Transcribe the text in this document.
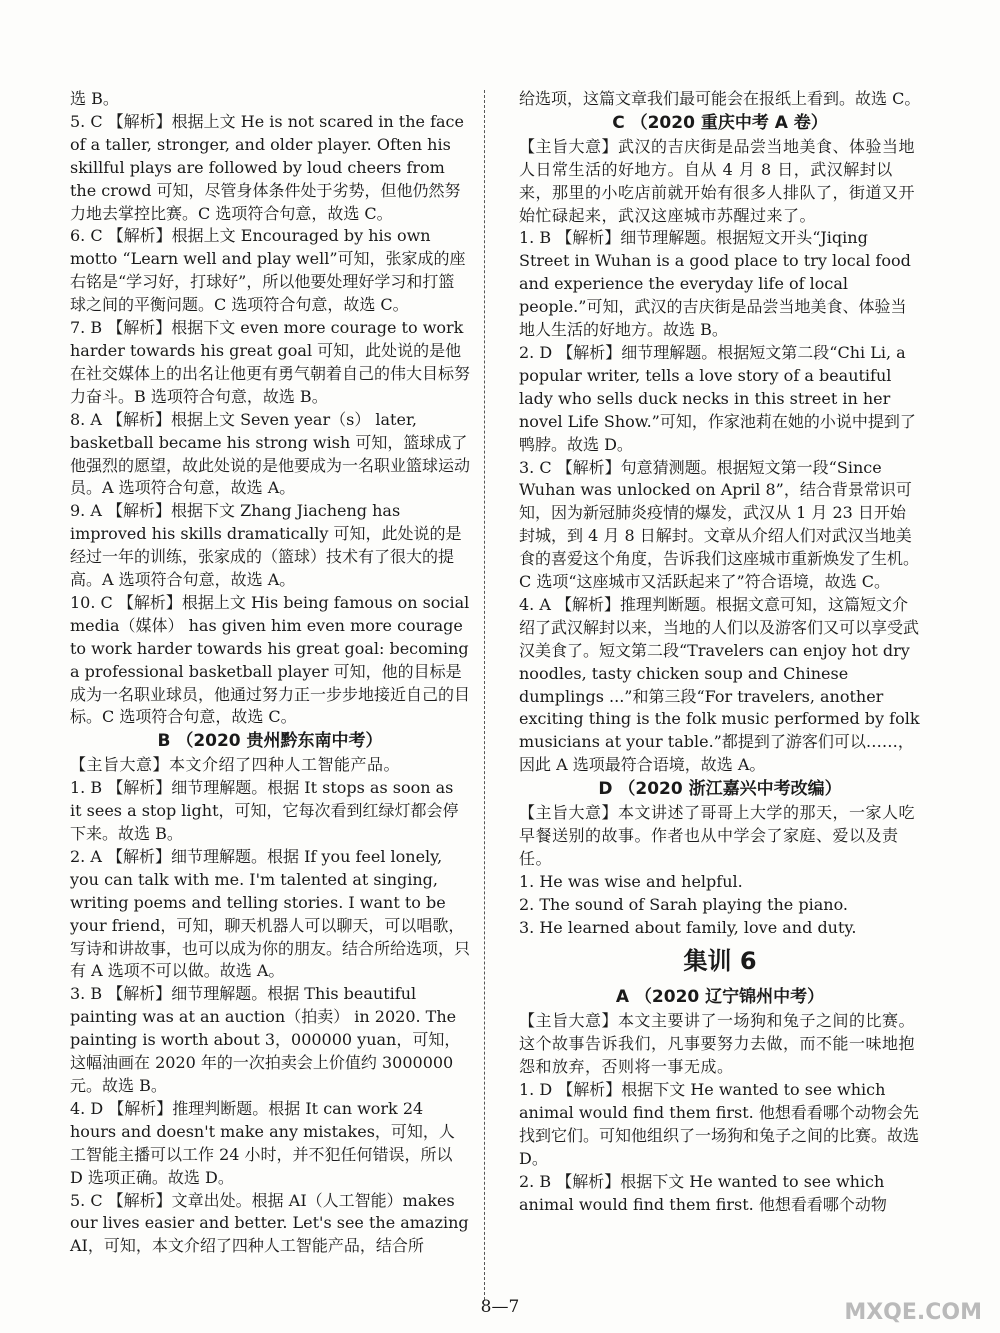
选 B。
5. C 【解析】根据上文 He is not scared in the face of a taller, stronger, and older player. Often his skillful plays are followed by loud cheers from the crowd 可知，尽管身体条件处于劣势，但他仍然努力地去掌控比赛。C 选项符合句意，故选 C。
6. C 【解析】根据上文 Encouraged by his own motto “Learn well and play well”可知，张家成的座右铭是“学习好，打球好”，所以他要处理好学习和打篮球之间的平衡问题。C 选项符合句意，故选 C。
7. B 【解析】根据下文 even more courage to work harder towards his great goal 可知，此处说的是他在社交媒体上的出名让他更有勇气朝着自己的伟大目标努力奋斗。B 选项符合句意，故选 B。
8. A 【解析】根据上文 Seven year（s） later, basketball became his strong wish 可知，篮球成了他强烈的愿望，故此处说的是他要成为一名职业篮球运动员。A 选项符合句意，故选 A。
9. A 【解析】根据下文 Zhang Jiacheng has improved his skills dramatically 可知，此处说的是经过一年的训练，张家成的（篮球）技术有了很大的提高。A 选项符合句意，故选 A。
10. C 【解析】根据上文 His being famous on social media（媒体） has given him even more courage to work harder towards his great goal: becoming a professional basketball player 可知，他的目标是成为一名职业球员，他通过努力正一步步地接近自己的目标。C 选项符合句意，故选 C。
B （2020 贵州黔东南中考）
【主旨大意】本文介绍了四种人工智能产品。
1. B 【解析】细节理解题。根据 It stops as soon as it sees a stop light，可知，它每次看到红绿灯都会停下来。故选 B。
2. A 【解析】细节理解题。根据 If you feel lonely, you can talk with me. I'm talented at singing, writing poems and telling stories. I want to be your friend，可知，聊天机器人可以聊天，可以唱歌，写诗和讲故事，也可以成为你的朋友。结合所给选项，只有 A 选项不可以做。故选 A。
3. B 【解析】细节理解题。根据 This beautiful painting was at an auction（拍卖） in 2020. The painting is worth about 3，000000 yuan，可知，这幅油画在 2020 年的一次拍卖会上价值约 3000000 元。故选 B。
4. D 【解析】推理判断题。根据 It can work 24 hours and doesn't make any mistakes，可知，人工智能主播可以工作 24 小时，并不犯任何错误，所以 D 选项正确。故选 D。
5. C 【解析】文章出处。根据 AI（人工智能）makes our lives easier and better. Let's see the amazing AI，可知，本文介绍了四种人工智能产品，结合所
给选项，这篇文章我们最可能会在报纸上看到。故选 C。
C （2020 重庆中考 A 卷）
【主旨大意】武汉的吉庆街是品尝当地美食、体验当地人日常生活的好地方。自从 4 月 8 日，武汉解封以来，那里的小吃店前就开始有很多人排队了，街道又开始忙碌起来，武汉这座城市苏醒过来了。
1. B 【解析】细节理解题。根据短文开头“Jiqing Street in Wuhan is a good place to try local food and experience the everyday life of local people.”可知，武汉的吉庆街是品尝当地美食、体验当地人生活的好地方。故选 B。
2. D 【解析】细节理解题。根据短文第二段“Chi Li, a popular writer, tells a love story of a beautiful lady who sells duck necks in this street in her novel Life Show.”可知，作家池莉在她的小说中提到了鸭脖。故选 D。
3. C 【解析】句意猜测题。根据短文第一段“Since Wuhan was unlocked on April 8”，结合背景常识可知，因为新冠肺炎疫情的爆发，武汉从 1 月 23 日开始封城，到 4 月 8 日解封。文章从介绍人们对武汉当地美食的喜爱这个角度，告诉我们这座城市重新焕发了生机。C 选项“这座城市又活跃起来了”符合语境，故选 C。
4. A 【解析】推理判断题。根据文意可知，这篇短文介绍了武汉解封以来，当地的人们以及游客们又可以享受武汉美食了。短文第二段“Travelers can enjoy hot dry noodles, tasty chicken soup and Chinese dumplings ...”和第三段“For travelers, another exciting thing is the folk music performed by folk musicians at your table.”都提到了游客们可以……，因此 A 选项最符合语境，故选 A。
D （2020 浙江嘉兴中考改编）
【主旨大意】本文讲述了哥哥上大学的那天，一家人吃早餐送别的故事。作者也从中学会了家庭、爱以及责任。
1. He was wise and helpful.
2. The sound of Sarah playing the piano.
3. He learned about family, love and duty.
集训 6
A （2020 辽宁锦州中考）
【主旨大意】本文主要讲了一场狗和兔子之间的比赛。这个故事告诉我们，凡事要努力去做，而不能一味地抱怨和放弃，否则将一事无成。
1. D 【解析】根据下文 He wanted to see which animal would find them first. 他想看看哪个动物会先找到它们。可知他组织了一场狗和兔子之间的比赛。故选 D。
2. B 【解析】根据下文 He wanted to see which animal would find them first. 他想看看哪个动物
8—7	MXQE.COM
